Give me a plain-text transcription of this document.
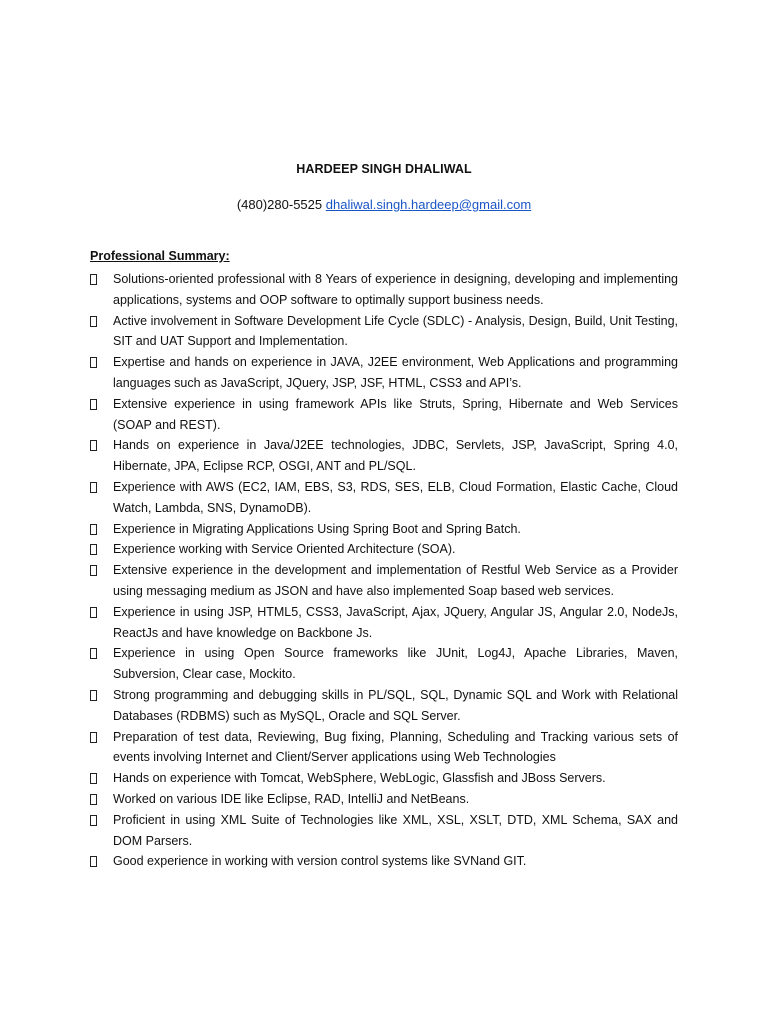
HARDEEP SINGH DHALIWAL
(480)280-5525 dhaliwal.singh.hardeep@gmail.com
Professional Summary:
Solutions-oriented professional with 8 Years of experience in designing, developing and implementing applications, systems and OOP software to optimally support business needs.
Active involvement in Software Development Life Cycle (SDLC) - Analysis, Design, Build, Unit Testing, SIT and UAT Support and Implementation.
Expertise and hands on experience in JAVA, J2EE environment, Web Applications and programming languages such as JavaScript, JQuery, JSP, JSF, HTML, CSS3 and API’s.
Extensive experience in using framework APIs like Struts, Spring, Hibernate and Web Services (SOAP and REST).
Hands on experience in Java/J2EE technologies, JDBC, Servlets, JSP, JavaScript, Spring 4.0, Hibernate, JPA, Eclipse RCP, OSGI, ANT and PL/SQL.
Experience with AWS (EC2, IAM, EBS, S3, RDS, SES, ELB, Cloud Formation, Elastic Cache, Cloud Watch, Lambda, SNS, DynamoDB).
Experience in Migrating Applications Using Spring Boot and Spring Batch.
Experience working with Service Oriented Architecture (SOA).
Extensive experience in the development and implementation of Restful Web Service as a Provider using messaging medium as JSON and have also implemented Soap based web services.
Experience in using JSP, HTML5, CSS3, JavaScript, Ajax, JQuery, Angular JS, Angular 2.0, NodeJs, ReactJs and have knowledge on Backbone Js.
Experience in using Open Source frameworks like JUnit, Log4J, Apache Libraries, Maven, Subversion, Clear case, Mockito.
Strong programming and debugging skills in PL/SQL, SQL, Dynamic SQL and Work with Relational Databases (RDBMS) such as MySQL, Oracle and SQL Server.
Preparation of test data, Reviewing, Bug fixing, Planning, Scheduling and Tracking various sets of events involving Internet and Client/Server applications using Web Technologies
Hands on experience with Tomcat, WebSphere, WebLogic, Glassfish and JBoss Servers.
Worked on various IDE like Eclipse, RAD, IntelliJ and NetBeans.
Proficient in using XML Suite of Technologies like XML, XSL, XSLT, DTD, XML Schema, SAX and DOM Parsers.
Good experience in working with version control systems like SVNand GIT.
